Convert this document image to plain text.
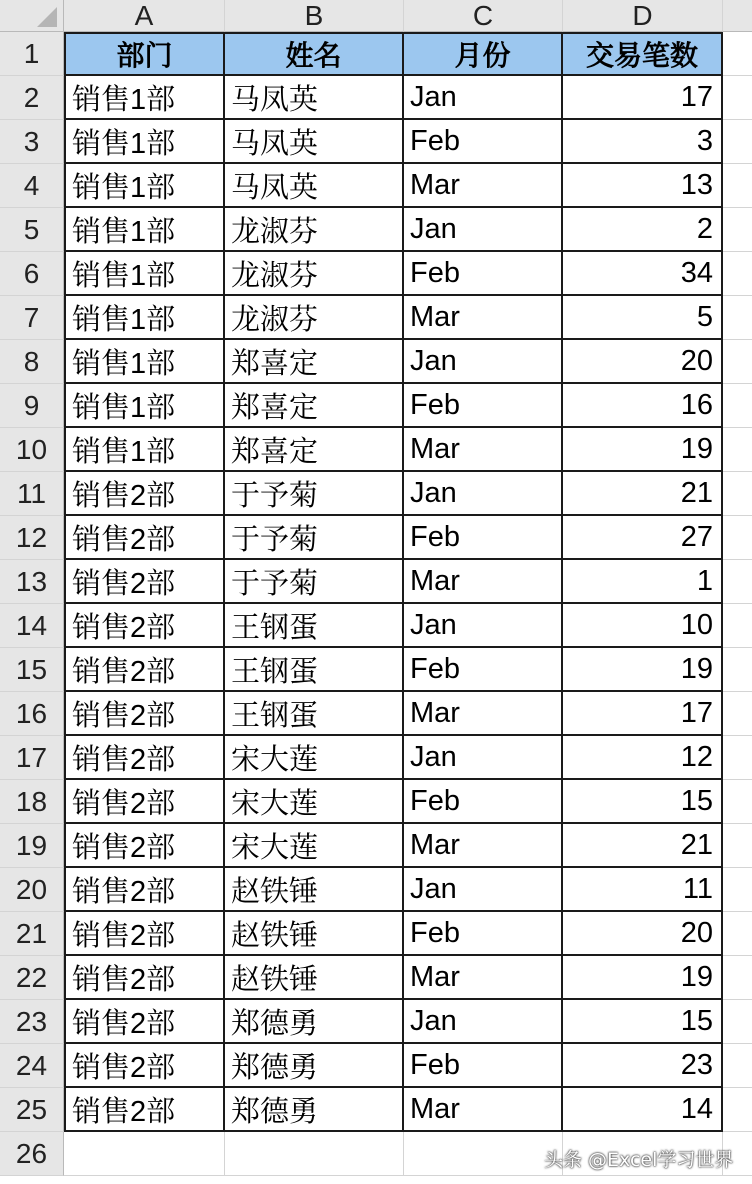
A	B	C	D
1	部门	姓名	月份	交易笔数
2	销售1部	马凤英	Jan	17
3	销售1部	马凤英	Feb	3
4	销售1部	马凤英	Mar	13
5	销售1部	龙淑芬	Jan	2
6	销售1部	龙淑芬	Feb	34
7	销售1部	龙淑芬	Mar	5
8	销售1部	郑喜定	Jan	20
9	销售1部	郑喜定	Feb	16
10 销售1部	郑喜定	Mar	19
11 销售2部	于予菊	Jan	21
12 销售2部	于予菊	Feb	27
13 销售2部	于予菊	Mar	1
14 销售2部	王钢蛋	Jan	10
15 销售2部	王钢蛋	Feb	19
16 销售2部	王钢蛋	Mar	17
17 销售2部	宋大莲	Jan	12
18 销售2部	宋大莲	Feb	15
19 销售2部	宋大莲	Mar	21
20 销售2部	赵铁锤	Jan	11
21 销售2部	赵铁锤	Feb	20
22 销售2部	赵铁锤	Mar	19
23 销售2部	郑德勇	Jan	15
24 销售2部	郑德勇	Feb	23
25 销售2部	郑德勇	Mar	14
26	头条 @Excel学习世界
